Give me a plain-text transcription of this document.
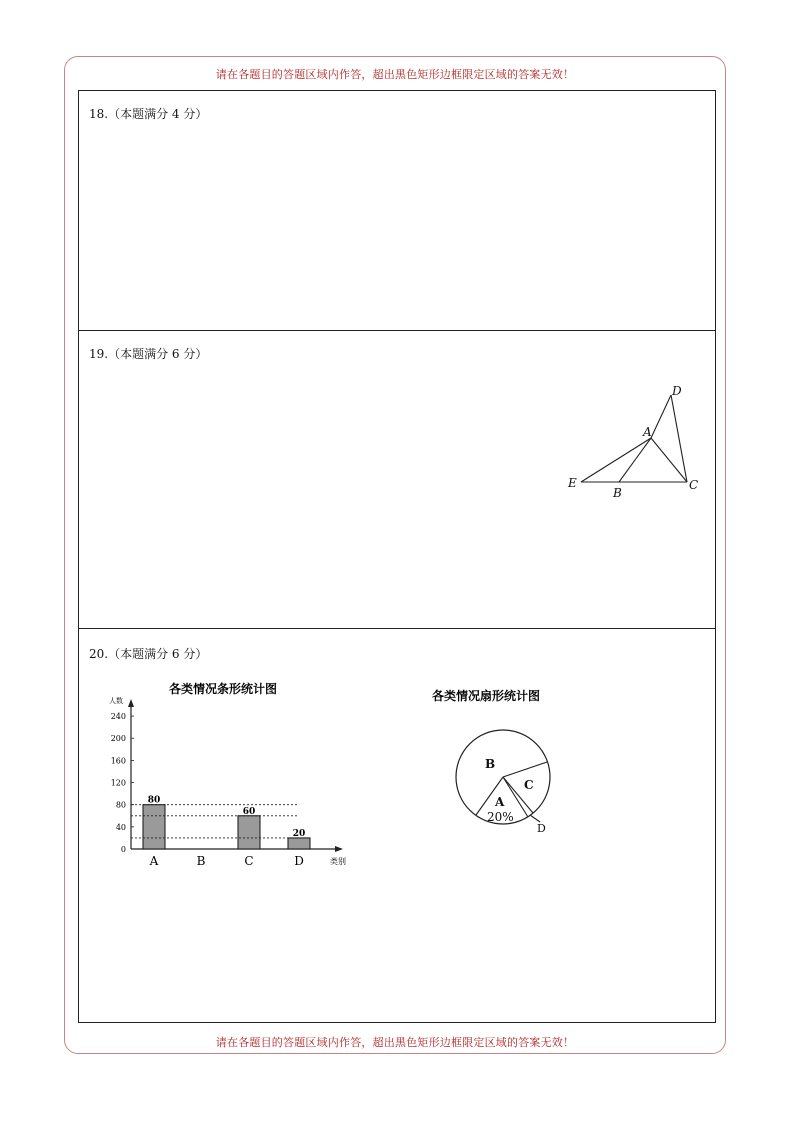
请在各题目的答题区域内作答，超出黑色矩形边框限定区域的答案无效！
请在各题目的答题区域内作答，超出黑色矩形边框限定区域的答案无效！
18.（本题满分 4 分）
19.（本题满分 6 分）
D
A
E
B
C
20.（本题满分 6 分）
各类情况条形统计图
人数
类别
0
40
80
120
160
200
240
A
80
B	C
60
D
20
各类情况扇形统计图
B
C
A
20%
D
